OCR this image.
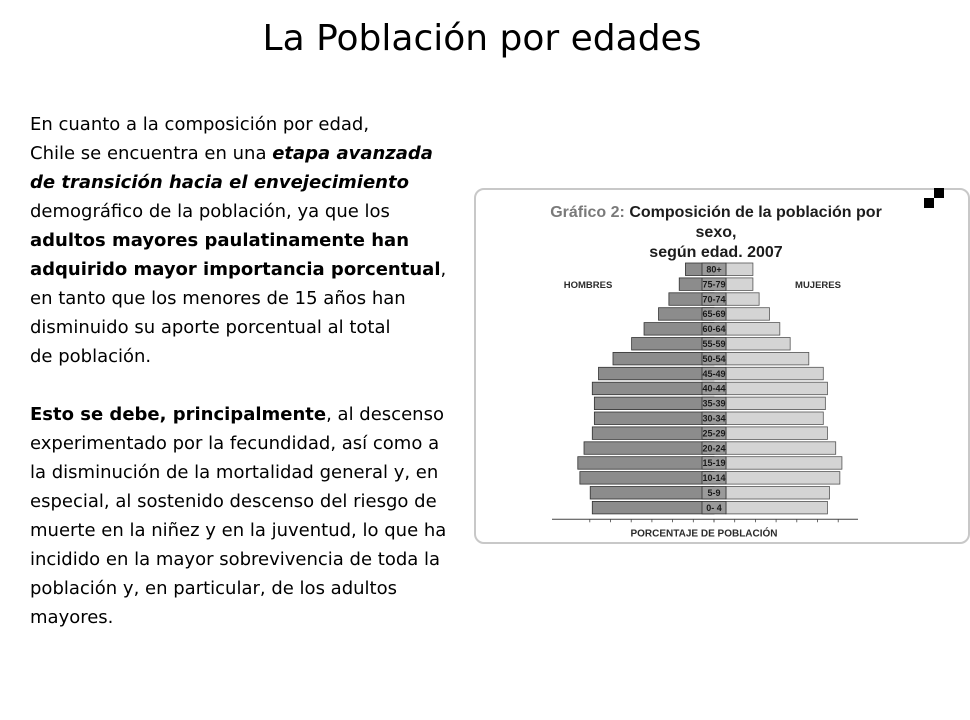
La Población por edades

En cuanto a la composición por edad,
Chile se encuentra en una etapa avanzada
de transición hacia el envejecimiento
demográfico de la población, ya que los
adultos mayores paulatinamente han
adquirido mayor importancia porcentual,
en tanto que los menores de 15 años han
disminuido su aporte porcentual al total
de población.

Esto se debe, principalmente, al descenso
experimentado por la fecundidad, así como a
la disminución de la mortalidad general y, en
especial, al sostenido descenso del riesgo de
muerte en la niñez y en la juventud, lo que ha
incidido en la mayor sobrevivencia de toda la
población y, en particular, de los adultos
mayores.

Gráfico 2: Composición de la población por sexo,
según edad. 2007
80+
75-79
70-74
65-69
60-64
55-59
50-54
45-49
40-44
35-39
30-34
25-29
20-24
15-19
10-14
5-9
0- 4
PORCENTAJE DE POBLACIÓN
HOMBRES	MUJERES
